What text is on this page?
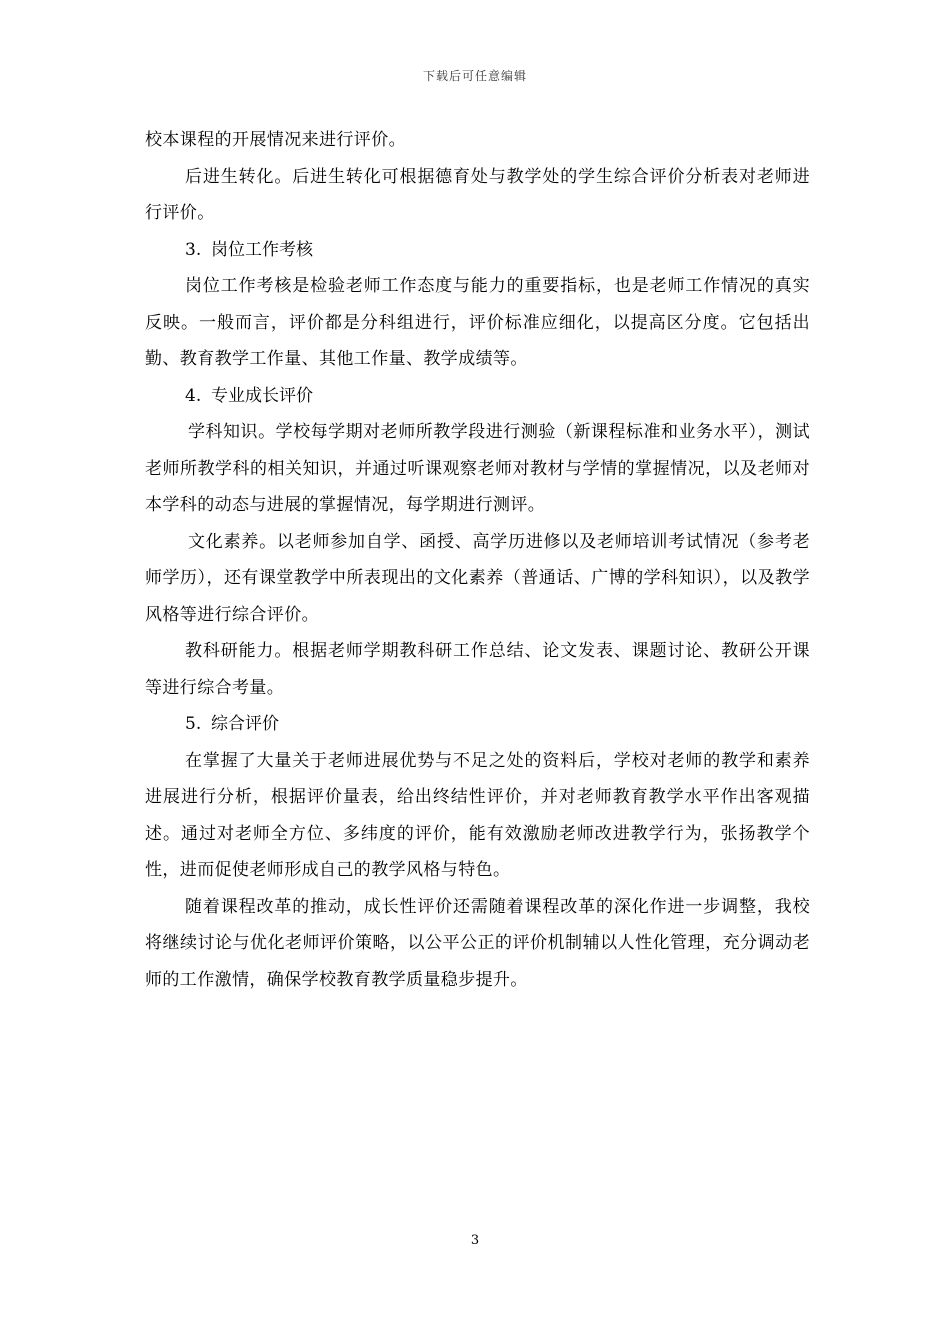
下载后可任意编辑

校本课程的开展情况来进行评价。

后进生转化。后进生转化可根据德育处与教学处的学生综合评价分析表对老师进行评价。

3. 岗位工作考核

岗位工作考核是检验老师工作态度与能力的重要指标，也是老师工作情况的真实反映。一般而言，评价都是分科组进行，评价标准应细化，以提高区分度。它包括出勤、教育教学工作量、其他工作量、教学成绩等。

4. 专业成长评价

学科知识。学校每学期对老师所教学段进行测验（新课程标准和业务水平），测试老师所教学科的相关知识，并通过听课观察老师对教材与学情的掌握情况，以及老师对本学科的动态与进展的掌握情况，每学期进行测评。

文化素养。以老师参加自学、函授、高学历进修以及老师培训考试情况（参考老师学历），还有课堂教学中所表现出的文化素养（普通话、广博的学科知识），以及教学风格等进行综合评价。

教科研能力。根据老师学期教科研工作总结、论文发表、课题讨论、教研公开课等进行综合考量。

5. 综合评价

在掌握了大量关于老师进展优势与不足之处的资料后，学校对老师的教学和素养进展进行分析，根据评价量表，给出终结性评价，并对老师教育教学水平作出客观描述。通过对老师全方位、多纬度的评价，能有效激励老师改进教学行为，张扬教学个性，进而促使老师形成自己的教学风格与特色。

随着课程改革的推动，成长性评价还需随着课程改革的深化作进一步调整，我校将继续讨论与优化老师评价策略，以公平公正的评价机制辅以人性化管理，充分调动老师的工作激情，确保学校教育教学质量稳步提升。

3
